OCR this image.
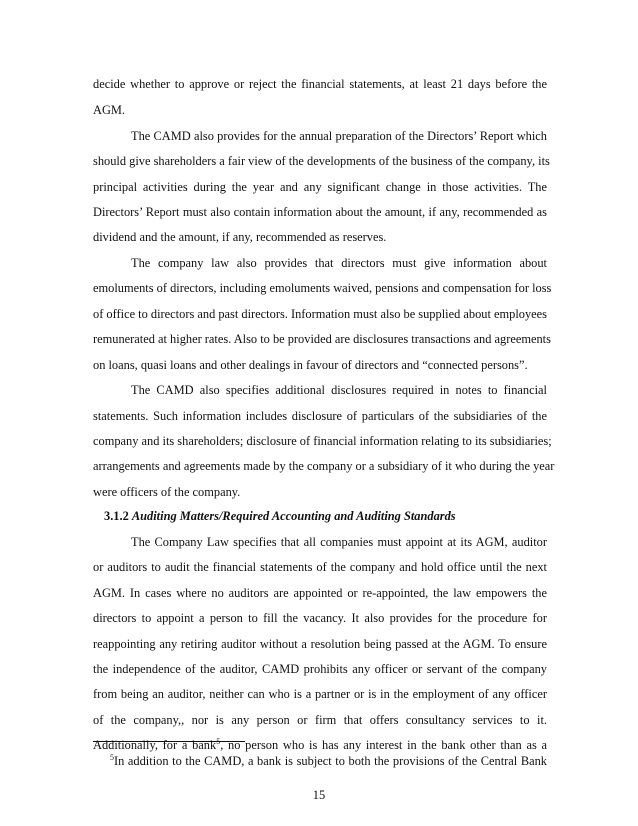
decide whether to approve or reject the financial statements, at least 21 days before the
AGM.
The CAMD also provides for the annual preparation of the Directors’ Report which
should give shareholders a fair view of the developments of the business of the company, its
principal activities during the year and any significant change in those activities. The
Directors’ Report must also contain information about the amount, if any, recommended as
dividend and the amount, if any, recommended as reserves.
The company law also provides that directors must give information about
emoluments of directors, including emoluments waived, pensions and compensation for loss
of office to directors and past directors. Information must also be supplied about employees
remunerated at higher rates. Also to be provided are disclosures transactions and agreements
on loans, quasi loans and other dealings in favour of directors and “connected persons”.
The CAMD also specifies additional disclosures required in notes to financial
statements. Such information includes disclosure of particulars of the subsidiaries of the
company and its shareholders; disclosure of financial information relating to its subsidiaries;
arrangements and agreements made by the company or a subsidiary of it who during the year
were officers of the company.
3.1.2 Auditing Matters/Required Accounting and Auditing Standards
The Company Law specifies that all companies must appoint at its AGM, auditor
or auditors to audit the financial statements of the company and hold office until the next
AGM. In cases where no auditors are appointed or re-appointed, the law empowers the
directors to appoint a person to fill the vacancy. It also provides for the procedure for
reappointing any retiring auditor without a resolution being passed at the AGM. To ensure
the independence of the auditor, CAMD prohibits any officer or servant of the company
from being an auditor, neither can who is a partner or is in the employment of any officer
of the company,, nor is any person or firm that offers consultancy services to it.
Additionally, for a bank$^5$, no person who is has any interest in the bank other than as a
$^5$In addition to the CAMD, a bank is subject to both the provisions of the Central Bank
15
